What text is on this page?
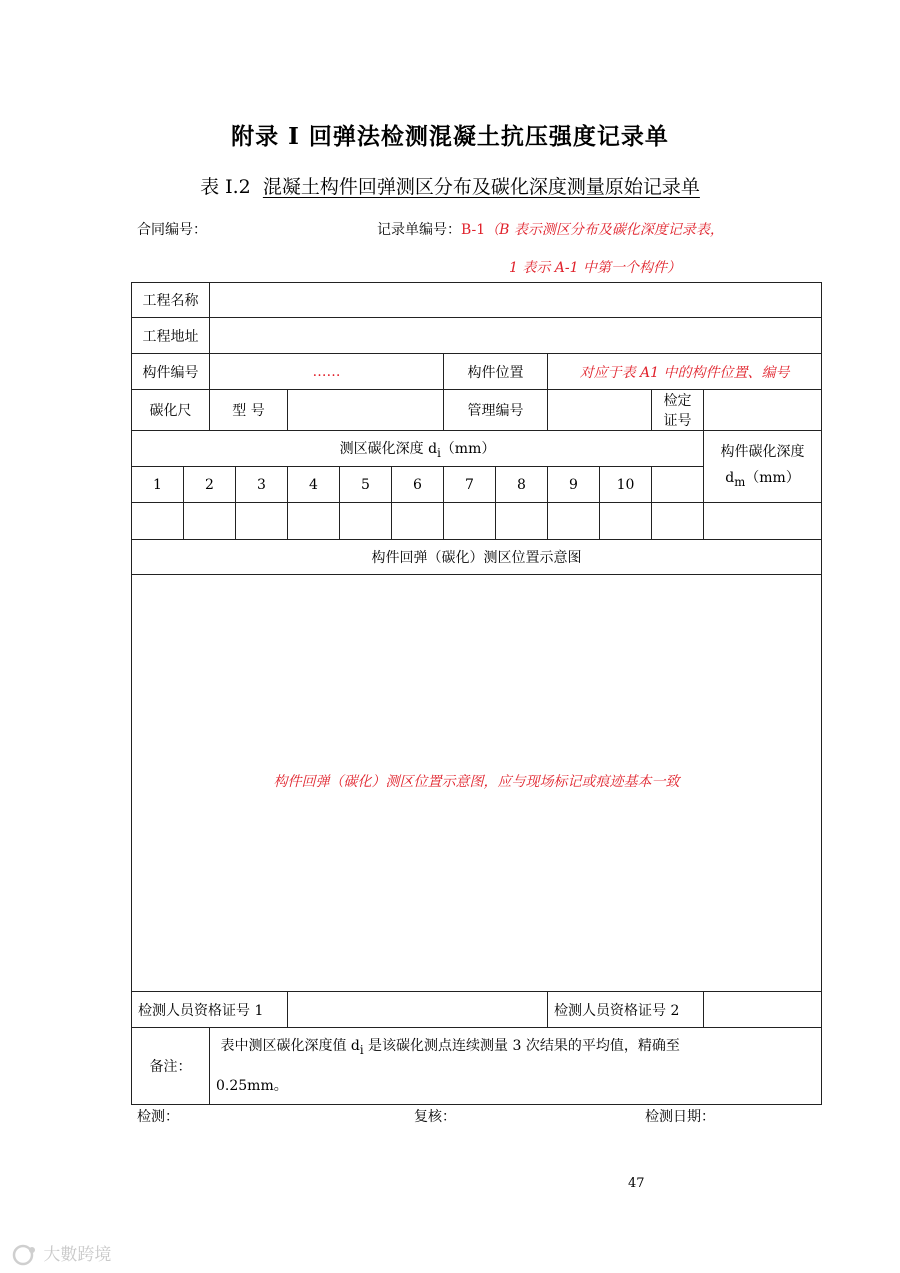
附录 I 回弹法检测混凝土抗压强度记录单
表 I.2 混凝土构件回弹测区分布及碳化深度测量原始记录单
合同编号：	记录单编号：B-1（B 表示测区分布及碳化深度记录表，
1 表示 A-1 中第一个构件）
工程名称												
工程地址												
构件编号		……					构件位置		对应于表 A1 中的构件位置、编号			
碳化尺		型 号					管理编号				检定证号	
测区碳化深度 $d_i(mm)$												构件碳化深度
$d_m(mm)$

1	2		3	4	5	6	7	8	9	10		

构件回弹（碳化）测区位置示意图												
构件回弹（碳化）测区位置示意图，应与现场标记或痕迹基本一致												
检测人员资格证号 1									检测人员资格证号 2			
备注：		表中测区碳化深度值 $d_i$ 是该碳化测点连续测量 3 次结果的平均值，精确至
0.25mm。										
检测：	复核：	检测日期：
47
大數跨境
